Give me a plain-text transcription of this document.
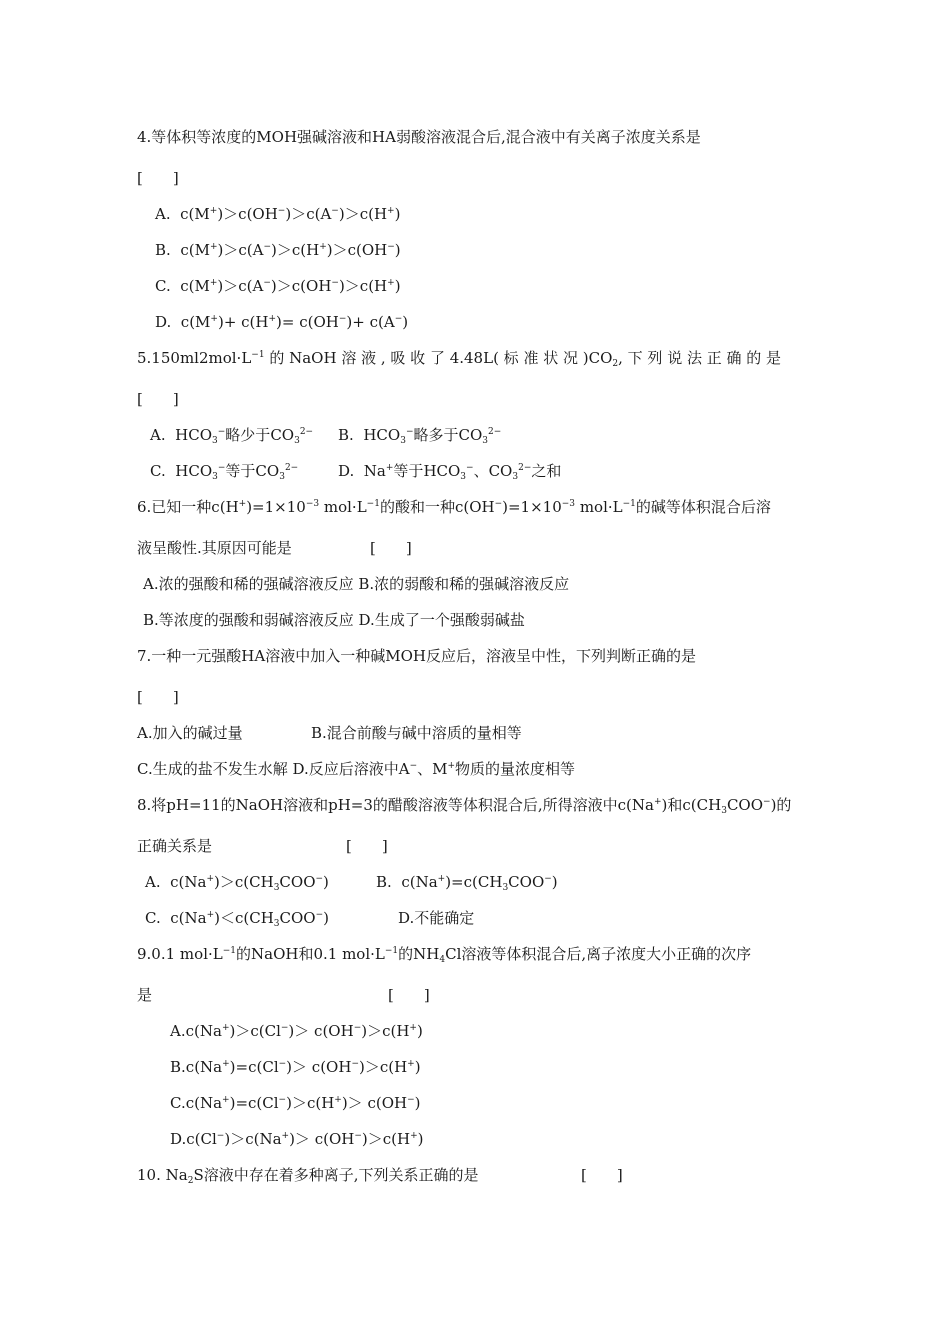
4.等体积等浓度的MOH强碱溶液和HA弱酸溶液混合后,混合液中有关离子浓度关系是
[　　]
A.  c(M+)＞c(OH−)＞c(A−)＞c(H+)
B.  c(M+)＞c(A−)＞c(H+)＞c(OH−)
C.  c(M+)＞c(A−)＞c(OH−)＞c(H+)
D.  c(M+)+ c(H+)= c(OH−)+ c(A−)
$5.150ml2mol\cdot L^{-1}$ 的 NaOH 溶 液 , 吸 收 了 4.48L( 标 准 状 况 )$CO_2$, 下 列 说 法 正 确 的 是
[　　]
A.  $HCO_3^-$略少于$CO_3^{2-}$ B.  $HCO_3^-$略多于$CO_3^{2-}$
C.  $HCO_3^-$等于$CO_3^{2-}$	D.  Na+等于$HCO_3^-$、$CO_3^{2-}$之和
6.已知一种$c(H^+)=1\times 10^{-3}$ $mol\cdot L^{-1}$的酸和一种$c(OH^-)=1\times 10^{-3}$ $mol\cdot L^{-1}$的碱等体积混合后溶
液呈酸性.其原因可能是	[　　]
A.浓的强酸和稀的强碱溶液反应 B.浓的弱酸和稀的强碱溶液反应
B.等浓度的强酸和弱碱溶液反应 D.生成了一个强酸弱碱盐
7.一种一元强酸HA溶液中加入一种碱MOH反应后，溶液呈中性，下列判断正确的是
[　　]
A.加入的碱过量	B.混合前酸与碱中溶质的量相等
C.生成的盐不发生水解 D.反应后溶液中A−、M+物质的量浓度相等
8.将pH=11的NaOH溶液和pH=3的醋酸溶液等体积混合后,所得溶液中c(Na+)和$c(CH_3COO^-)$的
正确关系是	[　　]
A.  $c(Na^+)>c(CH_3COO^-)$	B.  $c(Na^+)=c(CH_3COO^-)$
C.  $c(Na^+)<c(CH_3COO^-)$	D.不能确定
9.0.1 $mol\cdot L^{-1}$的NaOH和0.1 $mol\cdot L^{-1}$的$NH_4Cl$溶液等体积混合后,离子浓度大小正确的次序
是	[　　]
A.c(Na+)＞c(Cl−)＞ c(OH−)＞c(H+)
B.c(Na+)=c(Cl−)＞ c(OH−)＞c(H+)
C.c(Na+)=c(Cl−)＞c(H+)＞ c(OH−)
D.c(Cl−)＞c(Na+)＞ c(OH−)＞c(H+)
10. $Na_2S$溶液中存在着多种离子,下列关系正确的是	[　　]
